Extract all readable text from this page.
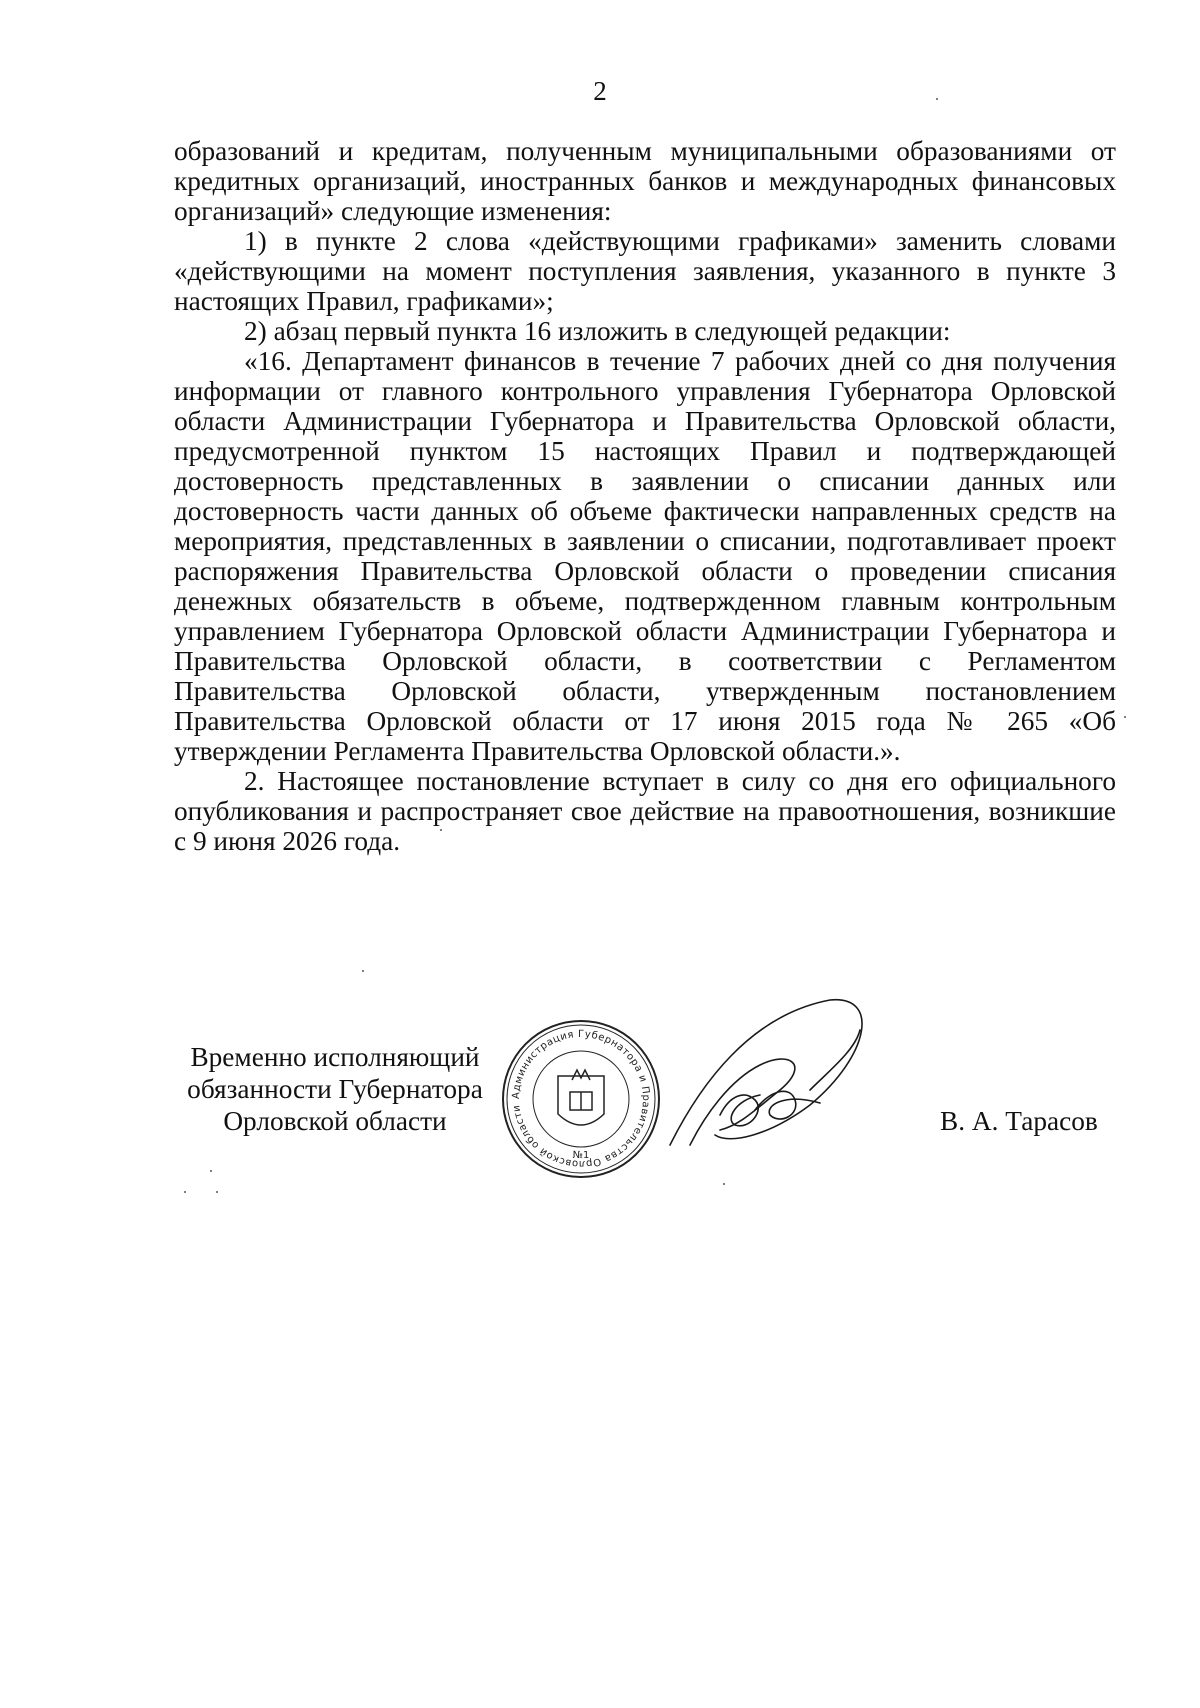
2

образований и кредитам, полученным муниципальными образованиями от кредитных организаций, иностранных банков и международных финансовых организаций» следующие изменения:

1) в пункте 2 слова «действующими графиками» заменить словами «действующими на момент поступления заявления, указанного в пункте 3 настоящих Правил, графиками»;

2) абзац первый пункта 16 изложить в следующей редакции:

«16. Департамент финансов в течение 7 рабочих дней со дня получения информации от главного контрольного управления Губернатора Орловской области Администрации Губернатора и Правительства Орловской области, предусмотренной пунктом 15 настоящих Правил и подтверждающей достоверность представленных в заявлении о списании данных или достоверность части данных об объеме фактически направленных средств на мероприятия, представленных в заявлении о списании, подготавливает проект распоряжения Правительства Орловской области о проведении списания денежных обязательств в объеме, подтвержденном главным контрольным управлением Губернатора Орловской области Администрации Губернатора и Правительства Орловской области, в соответствии с Регламентом Правительства Орловской области, утвержденным постановлением Правительства Орловской области от 17 июня 2015 года № 265 «Об утверждении Регламента Правительства Орловской области.».

2. Настоящее постановление вступает в силу со дня его официального опубликования и распространяет свое действие на правоотношения, возникшие с 9 июня 2026 года.

Временно исполняющий
обязанности Губернатора
Орловской области
Администрация Губернатора и Правительства Орловской области
№1
В. А. Тарасов
